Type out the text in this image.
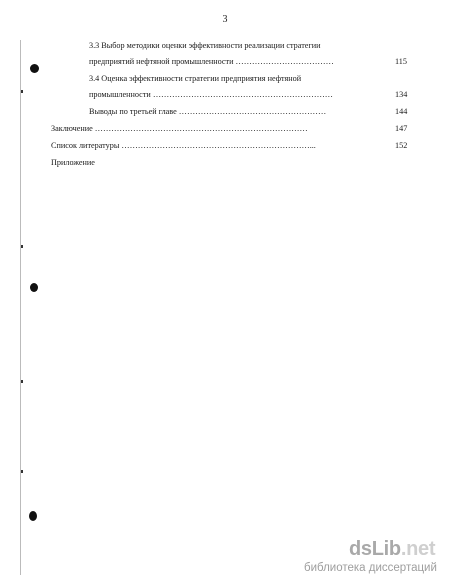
3
3.3 Выбор методики оценки эффективности реализации стратегии
предприятий нефтяной промышленности ………………………………	115
3.4 Оценка эффективности стратегии предприятия нефтяной
промышленности …………………………………………………………	134
Выводы по третьей главе ………………………………………………	144
Заключение ……………………………………………………………………	147
Список литературы ……………………………………………………………...	152
Приложение
dsLib.net
библиотека диссертаций
